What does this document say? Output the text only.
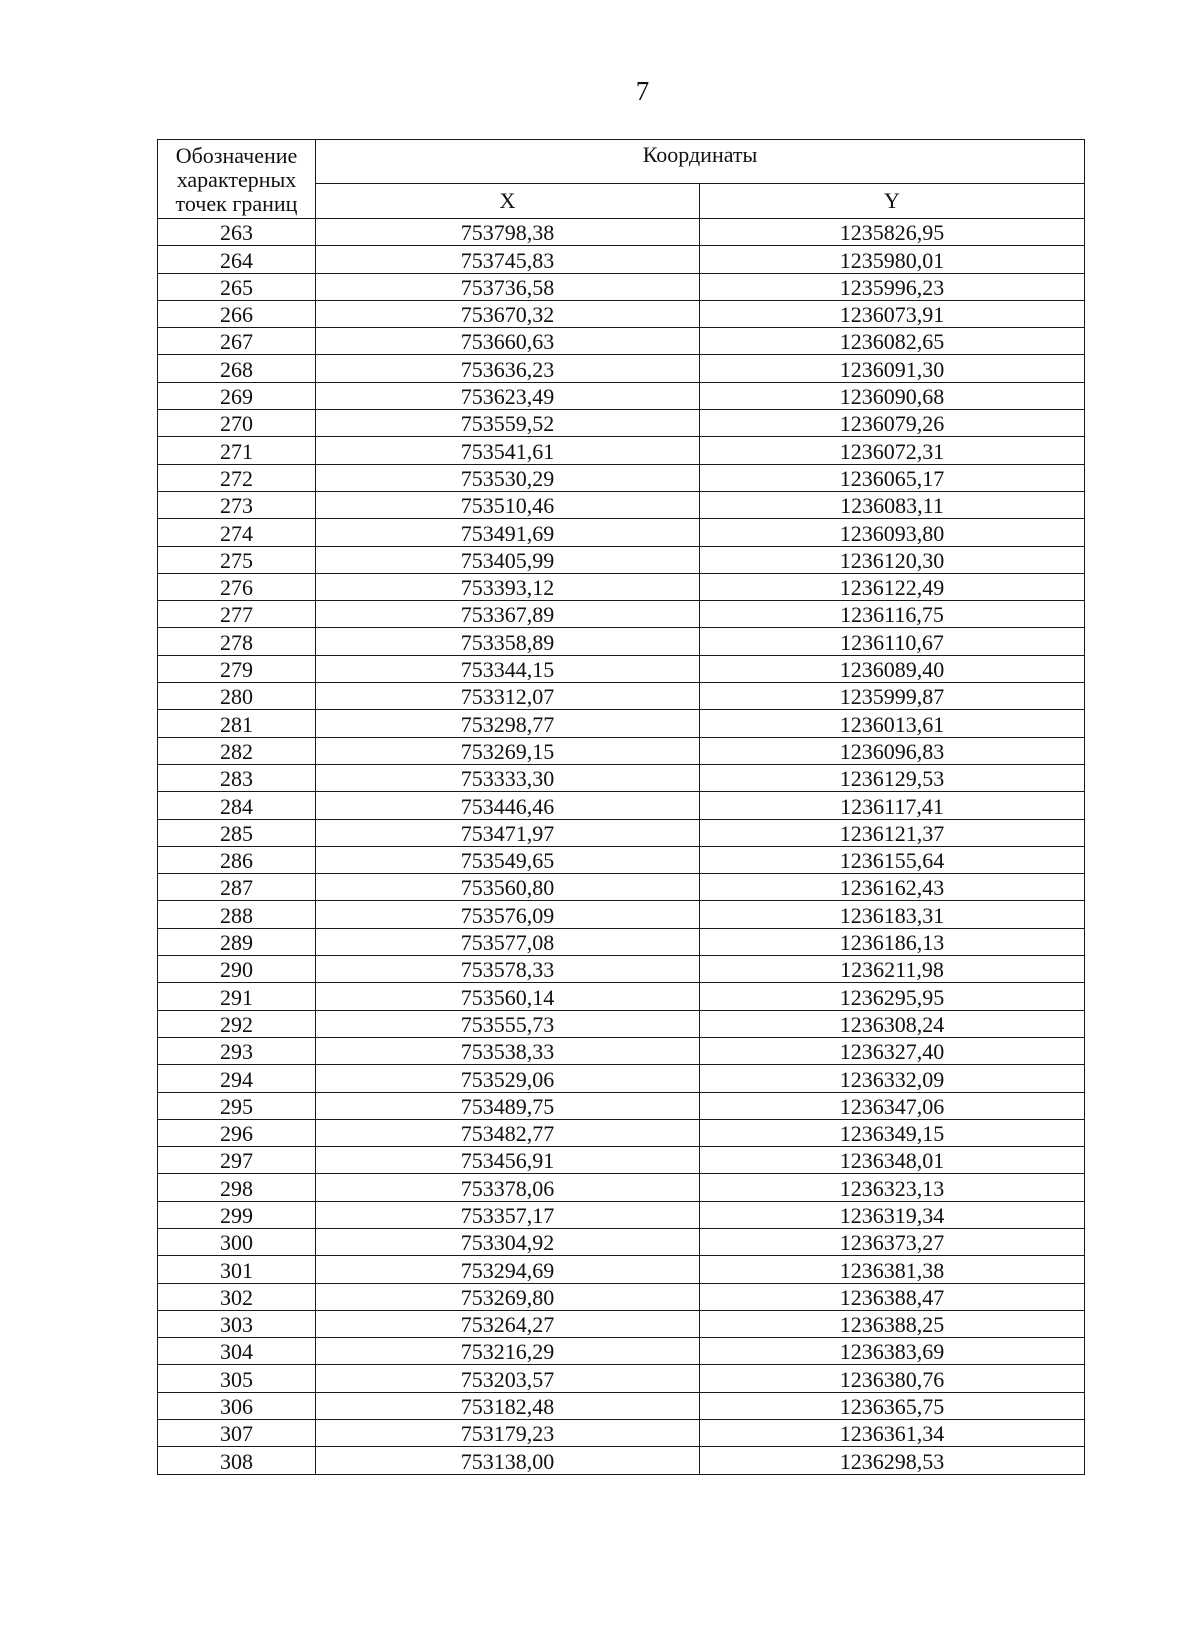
7
Обозначение характерных точек границ	Координаты	
	X	Y
263	753798,38	1235826,95
264	753745,83	1235980,01
265	753736,58	1235996,23
266	753670,32	1236073,91
267	753660,63	1236082,65
268	753636,23	1236091,30
269	753623,49	1236090,68
270	753559,52	1236079,26
271	753541,61	1236072,31
272	753530,29	1236065,17
273	753510,46	1236083,11
274	753491,69	1236093,80
275	753405,99	1236120,30
276	753393,12	1236122,49
277	753367,89	1236116,75
278	753358,89	1236110,67
279	753344,15	1236089,40
280	753312,07	1235999,87
281	753298,77	1236013,61
282	753269,15	1236096,83
283	753333,30	1236129,53
284	753446,46	1236117,41
285	753471,97	1236121,37
286	753549,65	1236155,64
287	753560,80	1236162,43
288	753576,09	1236183,31
289	753577,08	1236186,13
290	753578,33	1236211,98
291	753560,14	1236295,95
292	753555,73	1236308,24
293	753538,33	1236327,40
294	753529,06	1236332,09
295	753489,75	1236347,06
296	753482,77	1236349,15
297	753456,91	1236348,01
298	753378,06	1236323,13
299	753357,17	1236319,34
300	753304,92	1236373,27
301	753294,69	1236381,38
302	753269,80	1236388,47
303	753264,27	1236388,25
304	753216,29	1236383,69
305	753203,57	1236380,76
306	753182,48	1236365,75
307	753179,23	1236361,34
308	753138,00	1236298,53
